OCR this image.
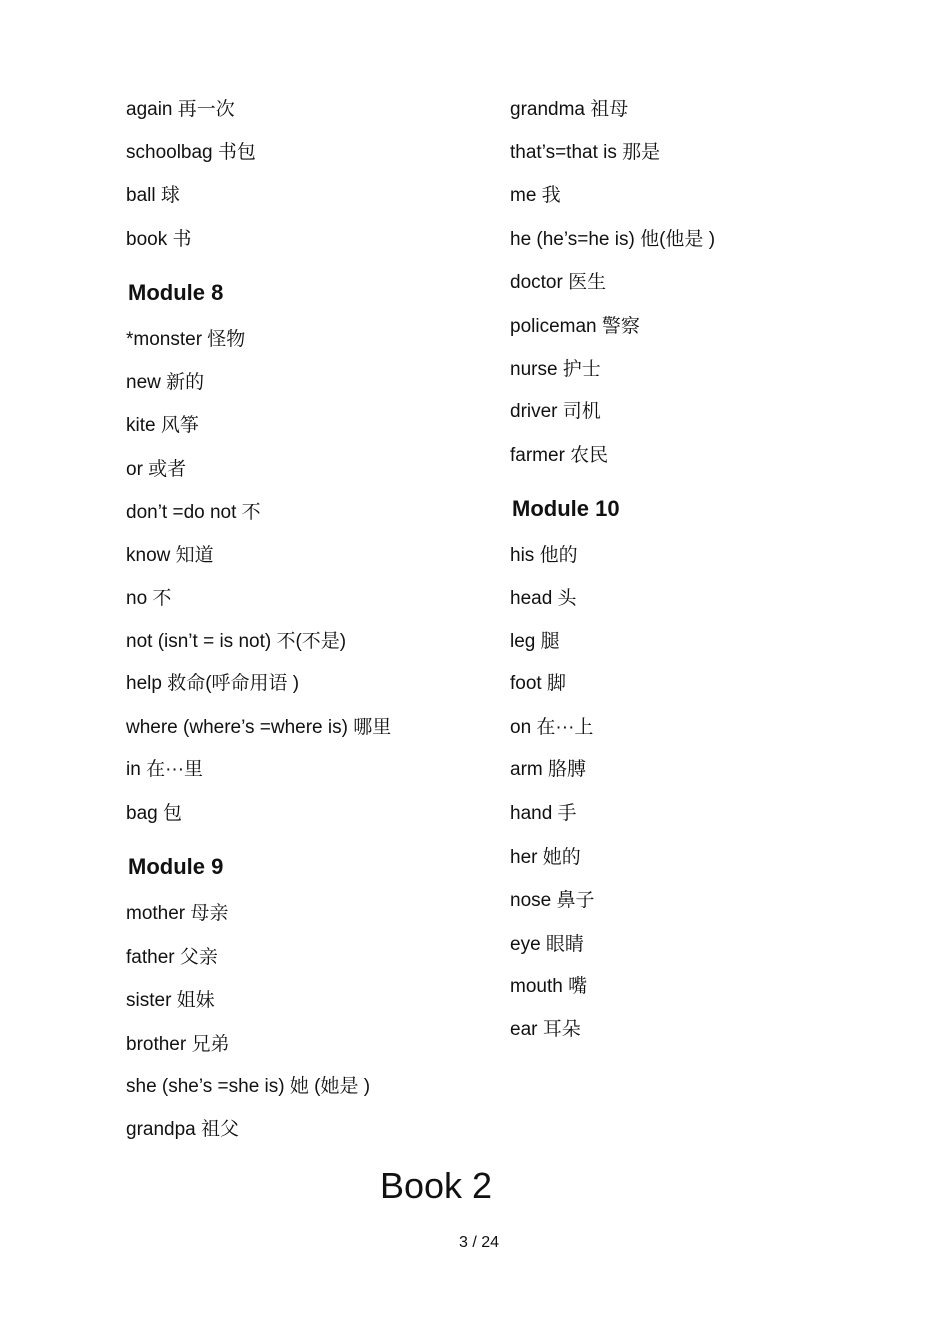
again 再一次
schoolbag 书包
ball 球
book 书
Module 8
*monster 怪物
new 新的
kite 风筝
or 或者
don’t =do not 不
know 知道
no 不
not (isn’t = is not) 不(不是)
help 救命(呼命用语 )
where (where’s =where is) 哪里
in 在···里
bag 包
Module 9
mother 母亲
father 父亲
sister 姐妹
brother 兄弟
she (she’s =she is) 她 (她是 )
grandpa 祖父
grandma 祖母
that’s=that is 那是
me 我
he (he’s=he is) 他(他是 )
doctor 医生
policeman 警察
nurse 护士
driver 司机
farmer 农民
Module 10
his 他的
head 头
leg 腿
foot 脚
on 在···上
arm 胳膊
hand 手
her 她的
nose 鼻子
eye 眼睛
mouth 嘴
ear 耳朵
Book 2
3 / 24
